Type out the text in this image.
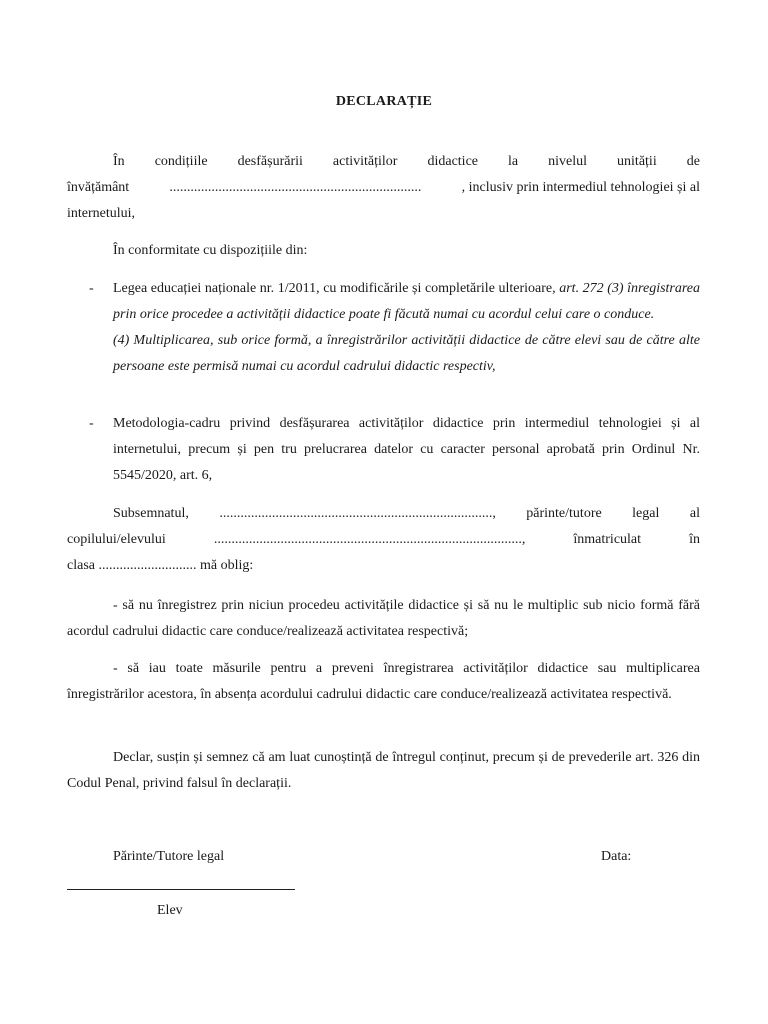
DECLARAȚIE
În condițiile desfășurării activităților didactice la nivelul unității de
învățământ	........................................................................	, inclusiv prin intermediul tehnologiei și al
internetului,
În conformitate cu dispozițiile din:
- Legea educației naționale nr. 1/2011, cu modificările și completările ulterioare, art. 272 (3) înregistrarea prin orice procedee a activității didactice poate fi făcută numai cu acordul celui care o conduce.
(4) Multiplicarea, sub orice formă, a înregistrărilor activității didactice de către elevi sau de către alte persoane este permisă numai cu acordul cadrului didactic respectiv,
- Metodologia-cadru privind desfășurarea activităților didactice prin intermediul tehnologiei și al internetului, precum și pen tru prelucrarea datelor cu caracter personal aprobată prin Ordinul Nr. 5545/2020, art. 6,
Subsemnatul, .............................................................................., părinte/tutore legal al
copilului/elevului	........................................................................................,	înmatriculat	în
clasa ............................ mă oblig:
- să nu înregistrez prin niciun procedeu activitățile didactice și să nu le multiplic sub nicio formă fără acordul cadrului didactic care conduce/realizează activitatea respectivă;
- să iau toate măsurile pentru a preveni înregistrarea activităților didactice sau multiplicarea înregistrărilor acestora, în absența acordului cadrului didactic care conduce/realizează activitatea respectivă.
Declar, susțin și semnez că am luat cunoștință de întregul conținut, precum și de prevederile art. 326 din Codul Penal, privind falsul în declarații.
Părinte/Tutore legal	Data:
Elev
